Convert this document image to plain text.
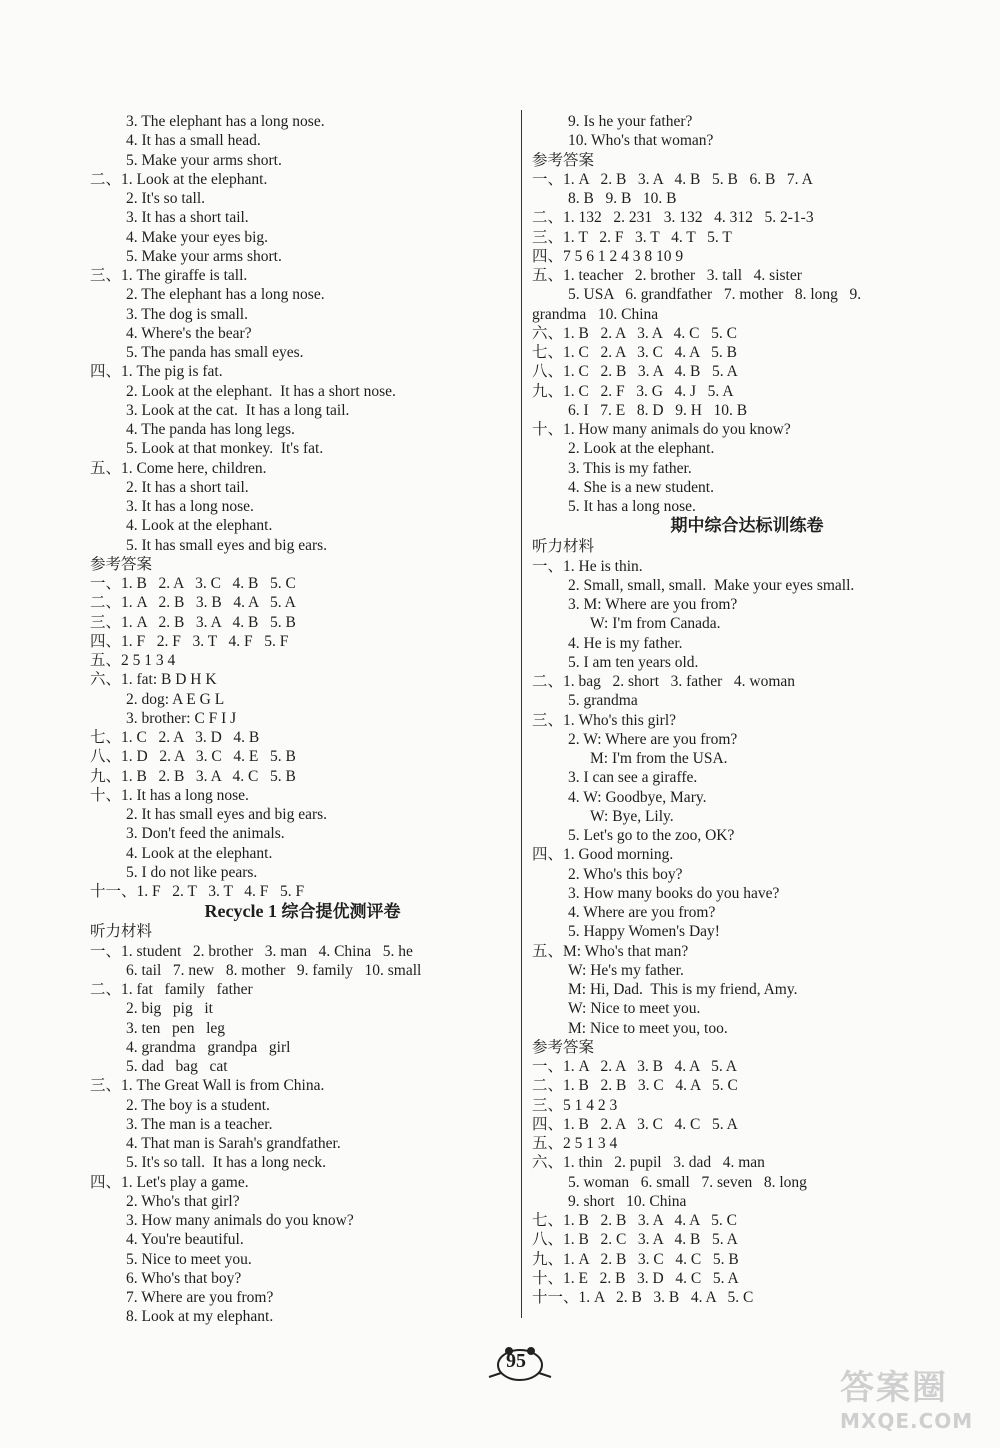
3. The elephant has a long nose.
4. It has a small head.
5. Make your arms short.
二、1. Look at the elephant.
2. It's so tall.
3. It has a short tail.
4. Make your eyes big.
5. Make your arms short.
三、1. The giraffe is tall.
2. The elephant has a long nose.
3. The dog is small.
4. Where's the bear?
5. The panda has small eyes.
四、1. The pig is fat.
2. Look at the elephant.  It has a short nose.
3. Look at the cat.  It has a long tail.
4. The panda has long legs.
5. Look at that monkey.  It's fat.
五、1. Come here, children.
2. It has a short tail.
3. It has a long nose.
4. Look at the elephant.
5. It has small eyes and big ears.
参考答案
一、1. B   2. A   3. C   4. B   5. C
二、1. A   2. B   3. B   4. A   5. A
三、1. A   2. B   3. A   4. B   5. B
四、1. F   2. F   3. T   4. F   5. F
五、2 5 1 3 4
六、1. fat: B D H K
2. dog: A E G L
3. brother: C F I J
七、1. C   2. A   3. D   4. B
八、1. D   2. A   3. C   4. E   5. B
九、1. B   2. B   3. A   4. C   5. B
十、1. It has a long nose.
2. It has small eyes and big ears.
3. Don't feed the animals.
4. Look at the elephant.
5. I do not like pears.
十一、1. F   2. T   3. T   4. F   5. F
Recycle 1 综合提优测评卷
听力材料
一、1. student   2. brother   3. man   4. China   5. he
6. tail   7. new   8. mother   9. family   10. small
二、1. fat   family   father
2. big   pig   it
3. ten   pen   leg
4. grandma   grandpa   girl
5. dad   bag   cat
三、1. The Great Wall is from China.
2. The boy is a student.
3. The man is a teacher.
4. That man is Sarah's grandfather.
5. It's so tall.  It has a long neck.
四、1. Let's play a game.
2. Who's that girl?
3. How many animals do you know?
4. You're beautiful.
5. Nice to meet you.
6. Who's that boy?
7. Where are you from?
8. Look at my elephant.
9. Is he your father?
10. Who's that woman?
参考答案
一、1. A   2. B   3. A   4. B   5. B   6. B   7. A
8. B   9. B   10. B
二、1. 132   2. 231   3. 132   4. 312   5. 2-1-3
三、1. T   2. F   3. T   4. T   5. T
四、7 5 6 1 2 4 3 8 10 9
五、1. teacher   2. brother   3. tall   4. sister
5. USA   6. grandfather   7. mother   8. long   9.
grandma   10. China
六、1. B   2. A   3. A   4. C   5. C
七、1. C   2. A   3. C   4. A   5. B
八、1. C   2. B   3. A   4. B   5. A
九、1. C   2. F   3. G   4. J   5. A
6. I   7. E   8. D   9. H   10. B
十、1. How many animals do you know?
2. Look at the elephant.
3. This is my father.
4. She is a new student.
5. It has a long nose.
期中综合达标训练卷
听力材料
一、1. He is thin.
2. Small, small, small.  Make your eyes small.
3. M: Where are you from?
W: I'm from Canada.
4. He is my father.
5. I am ten years old.
二、1. bag   2. short   3. father   4. woman
5. grandma
三、1. Who's this girl?
2. W: Where are you from?
M: I'm from the USA.
3. I can see a giraffe.
4. W: Goodbye, Mary.
W: Bye, Lily.
5. Let's go to the zoo, OK?
四、1. Good morning.
2. Who's this boy?
3. How many books do you have?
4. Where are you from?
5. Happy Women's Day!
五、M: Who's that man?
W: He's my father.
M: Hi, Dad.  This is my friend, Amy.
W: Nice to meet you.
M: Nice to meet you, too.
参考答案
一、1. A   2. A   3. B   4. A   5. A
二、1. B   2. B   3. C   4. A   5. C
三、5 1 4 2 3
四、1. B   2. A   3. C   4. C   5. A
五、2 5 1 3 4
六、1. thin   2. pupil   3. dad   4. man
5. woman   6. small   7. seven   8. long
9. short   10. China
七、1. B   2. B   3. A   4. A   5. C
八、1. B   2. C   3. A   4. B   5. A
九、1. A   2. B   3. C   4. C   5. B
十、1. E   2. B   3. D   4. C   5. A
十一、1. A   2. B   3. B   4. A   5. C
95
答案圈
MXQE.COM
